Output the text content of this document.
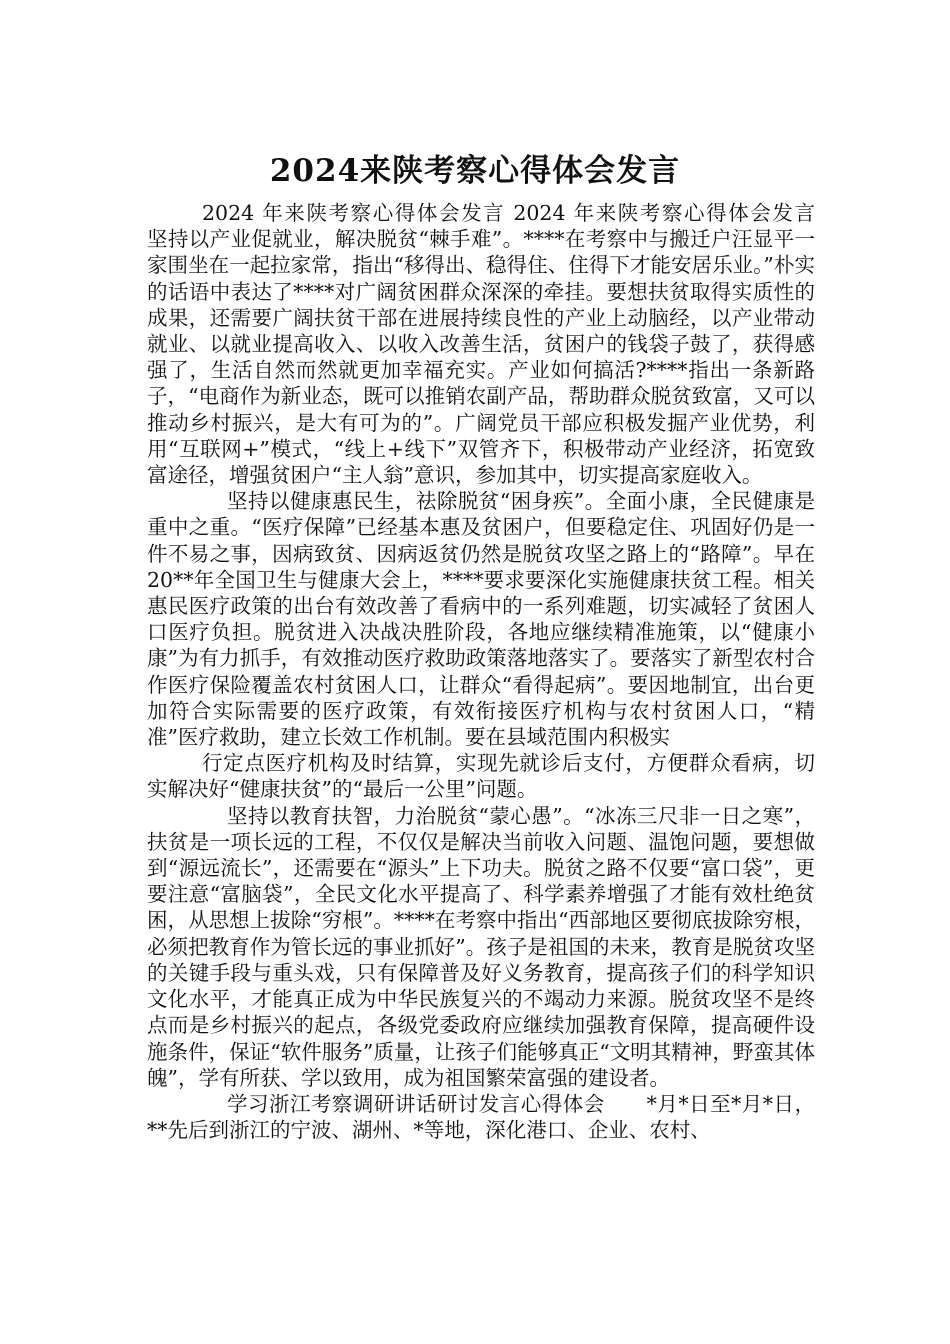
2024来陕考察心得体会发言

2024 年来陕考察心得体会发言 2024 年来陕考察心得体会发言　　坚持以产业促就业，解决脱贫“棘手难”。****在考察中与搬迁户汪显平一家围坐在一起拉家常，指出“移得出、稳得住、住得下才能安居乐业。”朴实的话语中表达了****对广阔贫困群众深深的牵挂。要想扶贫取得实质性的成果，还需要广阔扶贫干部在进展持续良性的产业上动脑经，以产业带动就业、以就业提高收入、以收入改善生活，贫困户的钱袋子鼓了，获得感强了，生活自然而然就更加幸福充实。产业如何搞活?****指出一条新路子，“电商作为新业态，既可以推销农副产品，帮助群众脱贫致富，又可以推动乡村振兴，是大有可为的”。广阔党员干部应积极发掘产业优势，利用“互联网+”模式，“线上+线下”双管齐下，积极带动产业经济，拓宽致富途径，增强贫困户“主人翁”意识，参加其中，切实提高家庭收入。

坚持以健康惠民生，祛除脱贫“困身疾”。全面小康，全民健康是重中之重。“医疗保障”已经基本惠及贫困户，但要稳定住、巩固好仍是一件不易之事，因病致贫、因病返贫仍然是脱贫攻坚之路上的“路障”。早在 20**年全国卫生与健康大会上，****要求要深化实施健康扶贫工程。相关惠民医疗政策的出台有效改善了看病中的一系列难题，切实减轻了贫困人口医疗负担。脱贫进入决战决胜阶段，各地应继续精准施策，以“健康小康”为有力抓手，有效推动医疗救助政策落地落实了。要落实了新型农村合作医疗保险覆盖农村贫困人口，让群众“看得起病”。要因地制宜，出台更加符合实际需要的医疗政策，有效衔接医疗机构与农村贫困人口，“精准”医疗救助，建立长效工作机制。要在县域范围内积极实

行定点医疗机构及时结算，实现先就诊后支付，方便群众看病，切实解决好“健康扶贫”的“最后一公里”问题。

坚持以教育扶智，力治脱贫“蒙心愚”。“冰冻三尺非一日之寒”，扶贫是一项长远的工程，不仅仅是解决当前收入问题、温饱问题，要想做到“源远流长”，还需要在“源头”上下功夫。脱贫之路不仅要“富口袋”，更要注意“富脑袋”，全民文化水平提高了、科学素养增强了才能有效杜绝贫困，从思想上拔除“穷根”。****在考察中指出“西部地区要彻底拔除穷根，必须把教育作为管长远的事业抓好”。孩子是祖国的未来，教育是脱贫攻坚的关键手段与重头戏，只有保障普及好义务教育，提高孩子们的科学知识文化水平，才能真正成为中华民族复兴的不竭动力来源。脱贫攻坚不是终点而是乡村振兴的起点，各级党委政府应继续加强教育保障，提高硬件设施条件，保证“软件服务”质量，让孩子们能够真正“文明其精神，野蛮其体魄”，学有所获、学以致用，成为祖国繁荣富强的建设者。

学习浙江考察调研讲话研讨发言心得体会　　*月*日至*月*日，**先后到浙江的宁波、湖州、*等地，深化港口、企业、农村、
